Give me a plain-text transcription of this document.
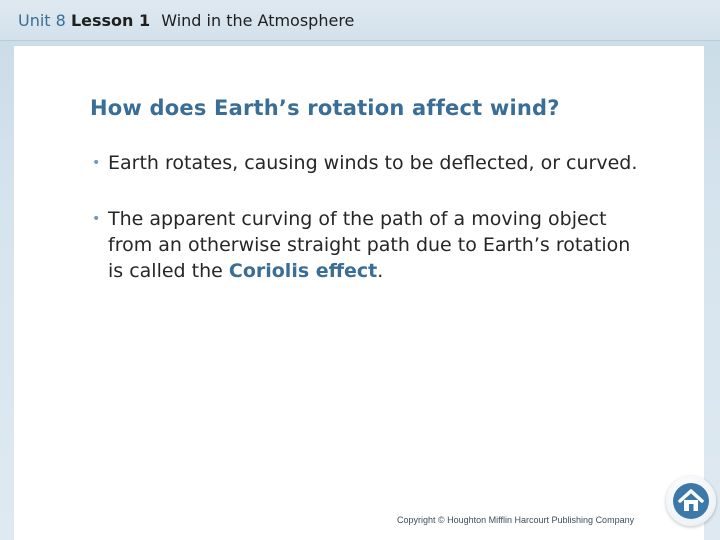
Unit 8 Lesson 1 Wind in the Atmosphere
How does Earth’s rotation affect wind?
• Earth rotates, causing winds to be deflected, or curved.
• The apparent curving of the path of a moving object from an otherwise straight path due to Earth’s rotation is called the Coriolis effect.
Copyright © Houghton Mifflin Harcourt Publishing Company
